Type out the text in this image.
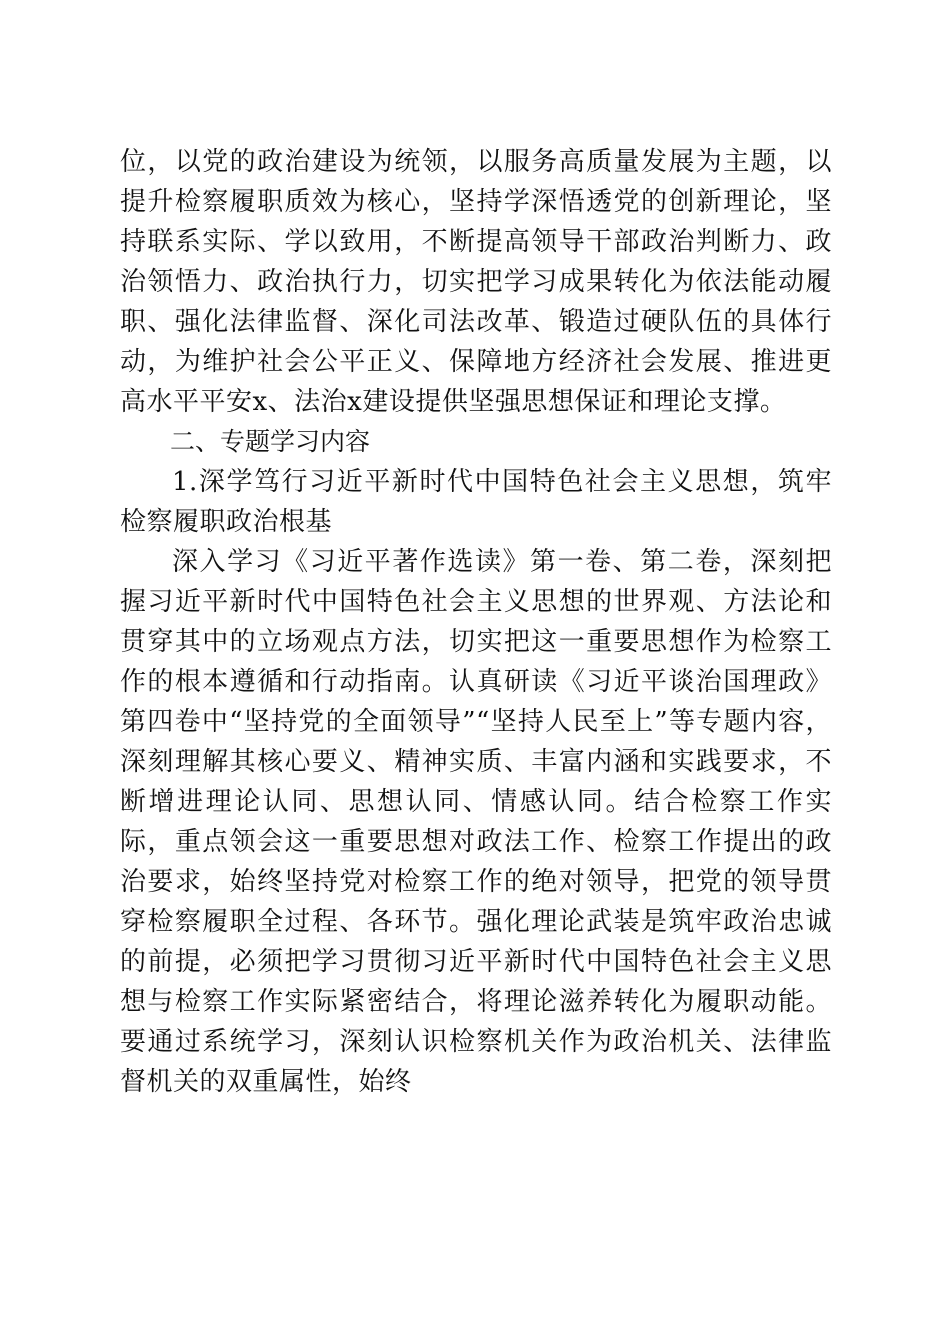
位，以党的政治建设为统领，以服务高质量发展为主题，以提升检察履职质效为核心，坚持学深悟透党的创新理论，坚持联系实际、学以致用，不断提高领导干部政治判断力、政治领悟力、政治执行力，切实把学习成果转化为依法能动履职、强化法律监督、深化司法改革、锻造过硬队伍的具体行动，为维护社会公平正义、保障地方经济社会发展、推进更高水平平安x、法治x建设提供坚强思想保证和理论支撑。

二、专题学习内容

1.深学笃行习近平新时代中国特色社会主义思想，筑牢检察履职政治根基

深入学习《习近平著作选读》第一卷、第二卷，深刻把握习近平新时代中国特色社会主义思想的世界观、方法论和贯穿其中的立场观点方法，切实把这一重要思想作为检察工作的根本遵循和行动指南。认真研读《习近平谈治国理政》第四卷中“坚持党的全面领导”“坚持人民至上”等专题内容，深刻理解其核心要义、精神实质、丰富内涵和实践要求，不断增进理论认同、思想认同、情感认同。结合检察工作实际，重点领会这一重要思想对政法工作、检察工作提出的政治要求，始终坚持党对检察工作的绝对领导，把党的领导贯穿检察履职全过程、各环节。强化理论武装是筑牢政治忠诚的前提，必须把学习贯彻习近平新时代中国特色社会主义思想与检察工作实际紧密结合，将理论滋养转化为履职动能。要通过系统学习，深刻认识检察机关作为政治机关、法律监督机关的双重属性，始终
